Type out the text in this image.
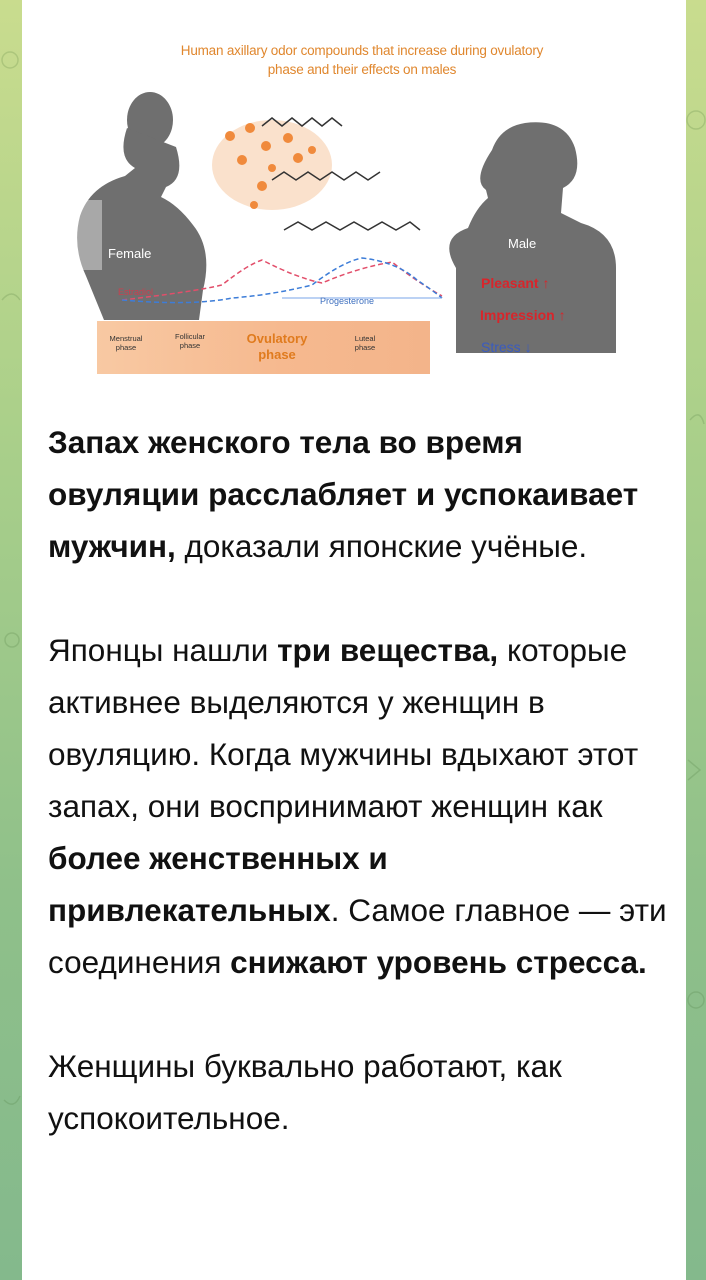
Human axillary odor compounds that increase during ovulatory
phase and their effects on males
Female
Male
Estradiol
Progesterone
Menstrual phase
Follicular phase	Ovulatory phase
Luteal phase
Pleasant ↑
Impression ↑
Stress ↓

Запах женского тела во время овуляции расслабляет и успокаивает мужчин, доказали японские учёные.

Японцы нашли три вещества, которые активнее выделяются у женщин в овуляцию. Когда мужчины вдыхают этот запах, они воспринимают женщин как более женственных и привлекательных. Самое главное — эти соединения снижают уровень стресса.

Женщины буквально работают, как успокоительное.
